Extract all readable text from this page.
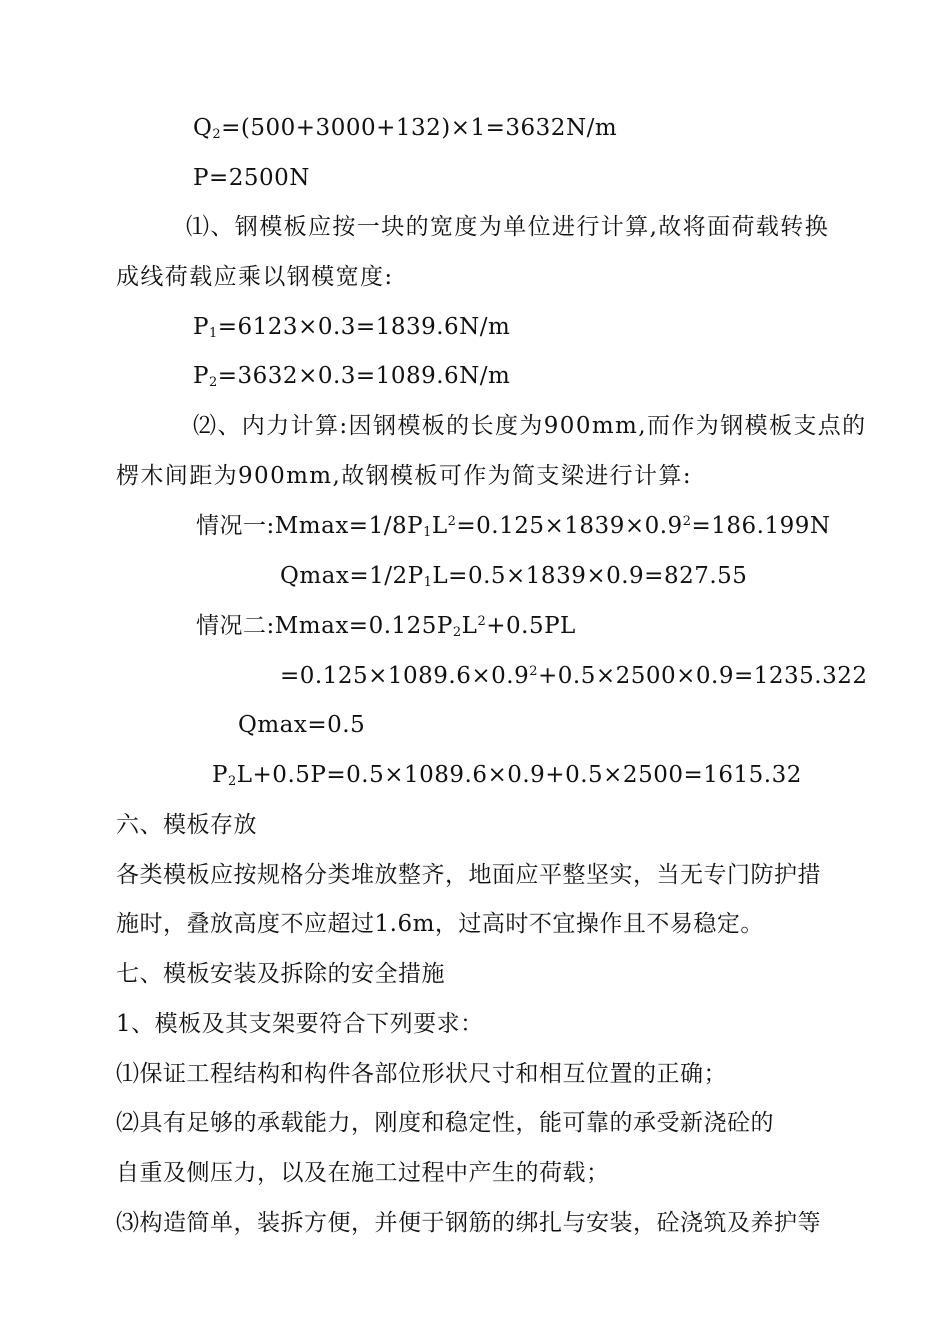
$Q_2=(500+3000+132)\times 1=3632N/m$
P=2500N
⑴、钢模板应按一块的宽度为单位进行计算,故将面荷载转换
成线荷载应乘以钢模宽度:
$P_1=6123\times 0.3=1839.6N/m$
$P_2=3632\times 0.3=1089.6N/m$
⑵、内力计算:因钢模板的长度为900mm,而作为钢模板支点的
楞木间距为900mm,故钢模板可作为简支梁进行计算:
情况一$:Mmax=1/8P_1L^2=0.125\times 1839\times 0.9^2=186.199N$
$Qmax=1/2P_1L=0.5\times 1839\times 0.9=827.55$
情况二$:Mmax=0.125P_2L^2+0.5PL$
$=0.125\times 1089.6\times 0.9^2+0.5\times 2500\times 0.9=1235.322$
Qmax=0.5
$P_2L+0.5P=0.5\times 1089.6\times 0.9+0.5\times 2500=1615.32$
六、模板存放
各类模板应按规格分类堆放整齐，地面应平整坚实，当无专门防护措
施时，叠放高度不应超过1.6m，过高时不宜操作且不易稳定。
七、模板安装及拆除的安全措施
1、模板及其支架要符合下列要求：
⑴保证工程结构和构件各部位形状尺寸和相互位置的正确；
⑵具有足够的承载能力，刚度和稳定性，能可靠的承受新浇砼的
自重及侧压力，以及在施工过程中产生的荷载；
⑶构造简单，装拆方便，并便于钢筋的绑扎与安装，砼浇筑及养护等
